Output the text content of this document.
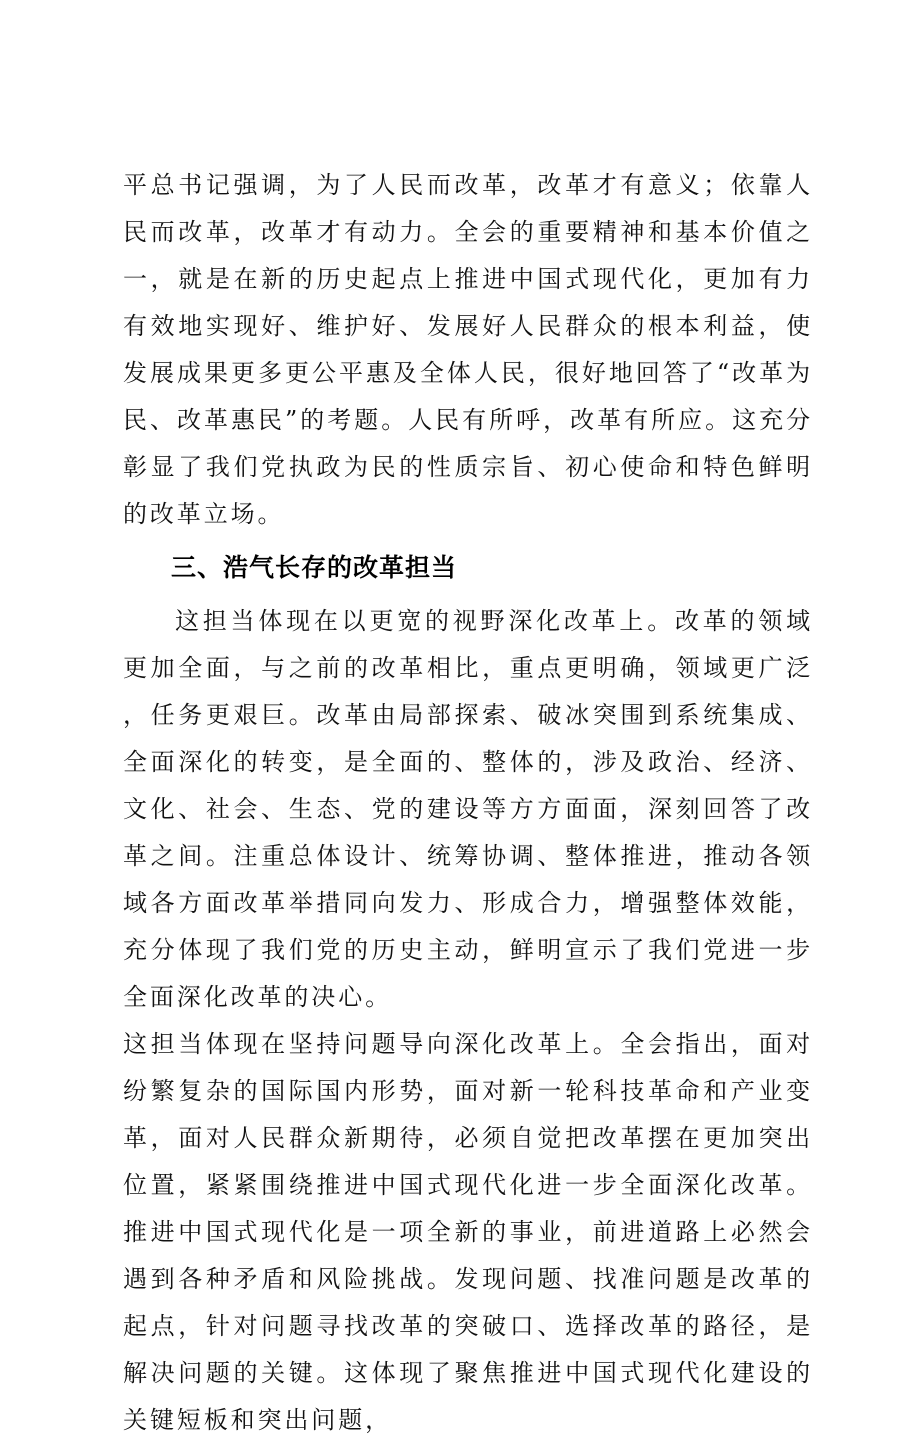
平总书记强调，为了人民而改革，改革才有意义；依靠人民而改革，改革才有动力。全会的重要精神和基本价值之一，就是在新的历史起点上推进中国式现代化，更加有力有效地实现好、维护好、发展好人民群众的根本利益，使发展成果更多更公平惠及全体人民，很好地回答了“改革为民、改革惠民”的考题。人民有所呼，改革有所应。这充分彰显了我们党执政为民的性质宗旨、初心使命和特色鲜明的改革立场。

三、浩气长存的改革担当

这担当体现在以更宽的视野深化改革上。改革的领域更加全面，与之前的改革相比，重点更明确，领域更广泛，任务更艰巨。改革由局部探索、破冰突围到系统集成、全面深化的转变，是全面的、整体的，涉及政治、经济、文化、社会、生态、党的建设等方方面面，深刻回答了改革之间。注重总体设计、统筹协调、整体推进，推动各领域各方面改革举措同向发力、形成合力，增强整体效能，充分体现了我们党的历史主动，鲜明宣示了我们党进一步全面深化改革的决心。

这担当体现在坚持问题导向深化改革上。全会指出，面对纷繁复杂的国际国内形势，面对新一轮科技革命和产业变革，面对人民群众新期待，必须自觉把改革摆在更加突出位置，紧紧围绕推进中国式现代化进一步全面深化改革。推进中国式现代化是一项全新的事业，前进道路上必然会遇到各种矛盾和风险挑战。发现问题、找准问题是改革的起点，针对问题寻找改革的突破口、选择改革的路径，是解决问题的关键。这体现了聚焦推进中国式现代化建设的关键短板和突出问题，
